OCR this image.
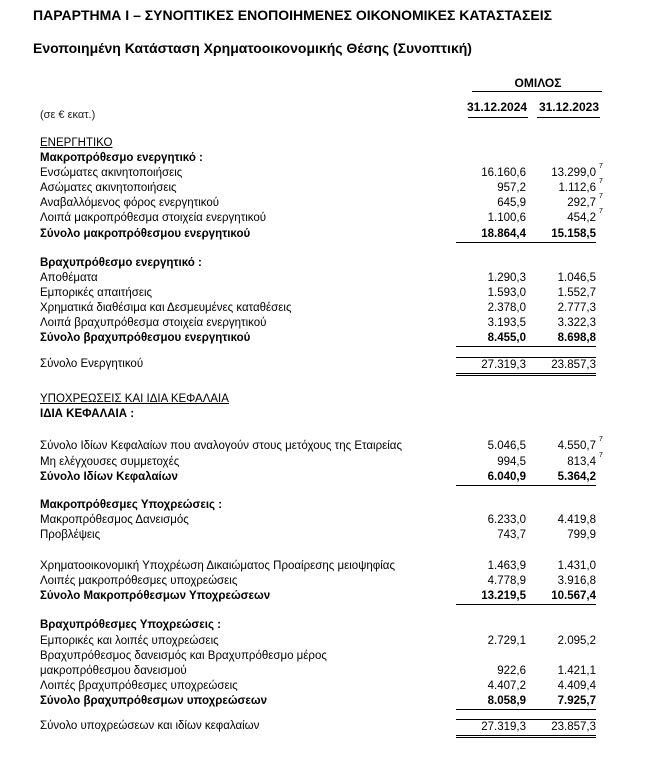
ΠΑΡΑΡΤΗΜΑ Ι – ΣΥΝΟΠΤΙΚΕΣ ΕΝΟΠΟΙΗΜΕΝΕΣ ΟΙΚΟΝΟΜΙΚΕΣ ΚΑΤΑΣΤΑΣΕΙΣ
Ενοποιημένη Κατάσταση Χρηματοοικονομικής Θέσης (Συνοπτική)
ΟΜΙΛΟΣ
31.12.2024 31.12.2023
(σε € εκατ.)
ΕΝΕΡΓΗΤΙΚΟ
Μακροπρόθεσμο ενεργητικό :
Ενσώματες ακινητοποιήσεις	16.160,6	13.299,0
7
Ασώματες ακινητοποιήσεις	957,2	1.112,6
7
Αναβαλλόμενος φόρος ενεργητικού	645,9	292,7
7
Λοιπά μακροπρόθεσμα στοιχεία ενεργητικού	1.100,6	454,2
7
Σύνολο μακροπρόθεσμου ενεργητικού	18.864,4	15.158,5
Βραχυπρόθεσμο ενεργητικό :
Αποθέματα	1.290,3	1.046,5
Εμπορικές απαιτήσεις	1.593,0	1.552,7
Χρηματικά διαθέσιμα και Δεσμευμένες καταθέσεις	2.378,0	2.777,3
Λοιπά βραχυπρόθεσμα στοιχεία ενεργητικού	3.193,5	3.322,3
Σύνολο βραχυπρόθεσμου ενεργητικού	8.455,0	8.698,8
Σύνολο Ενεργητικού	27.319,3	23.857,3
ΥΠΟΧΡΕΩΣΕΙΣ ΚΑΙ ΙΔΙΑ ΚΕΦΑΛΑΙΑ
ΙΔΙΑ ΚΕΦΑΛΑΙΑ :
Σύνολο Ιδίων Κεφαλαίων που αναλογούν στους μετόχους της Εταιρείας	5.046,5	4.550,7
7
Μη ελέγχουσες συμμετοχές	994,5	813,4
7
Σύνολο Ιδίων Κεφαλαίων	6.040,9	5.364,2
Μακροπρόθεσμες Υποχρεώσεις :
Μακροπρόθεσμος Δανεισμός	6.233,0	4.419,8
Προβλέψεις	743,7	799,9
Χρηματοοικονομική Υποχρέωση Δικαιώματος Προαίρεσης μειοψηφίας	1.463,9	1.431,0
Λοιπές μακροπρόθεσμες υποχρεώσεις	4.778,9	3.916,8
Σύνολο Μακροπρόθεσμων Υποχρεώσεων	13.219,5	10.567,4
Βραχυπρόθεσμες Υποχρεώσεις :
Εμπορικές και λοιπές υποχρεώσεις	2.729,1	2.095,2
Βραχυπρόθεσμος δανεισμός και Βραχυπρόθεσμο μέρος
μακροπρόθεσμου δανεισμού	922,6	1.421,1
Λοιπές βραχυπρόθεσμες υποχρεώσεις	4.407,2	4.409,4
Σύνολο βραχυπρόθεσμων υποχρεώσεων	8.058,9	7.925,7
Σύνολο υποχρεώσεων και ιδίων κεφαλαίων	27.319,3	23.857,3
